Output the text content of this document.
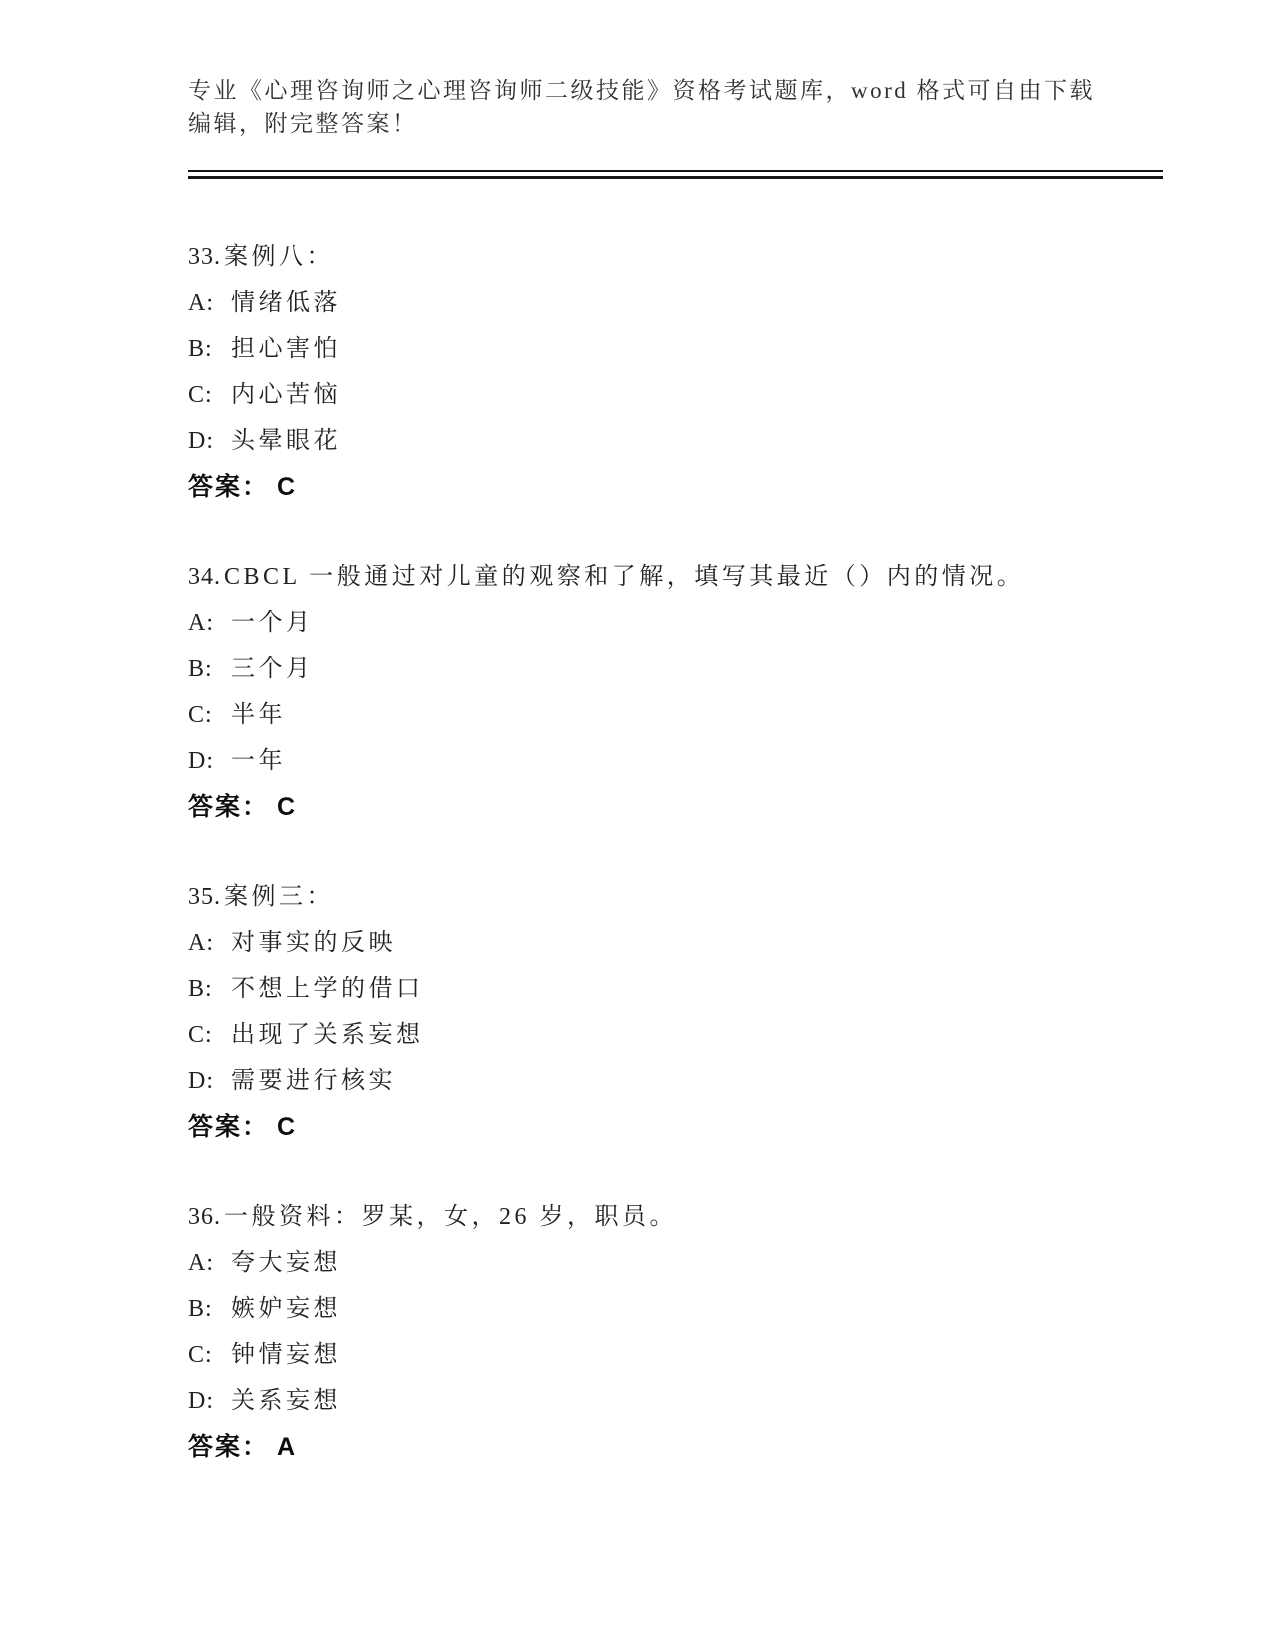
专业《心理咨询师之心理咨询师二级技能》资格考试题库，word 格式可自由下载
编辑，附完整答案！
33. 案例八：
A: 情绪低落
B: 担心害怕
C: 内心苦恼
D: 头晕眼花
答案： C
34. CBCL 一般通过对儿童的观察和了解，填写其最近（）内的情况。
A: 一个月
B: 三个月
C: 半年
D: 一年
答案： C
35. 案例三：
A: 对事实的反映
B: 不想上学的借口
C: 出现了关系妄想
D: 需要进行核实
答案： C
36. 一般资料：罗某，女，26 岁，职员。
A: 夸大妄想
B: 嫉妒妄想
C: 钟情妄想
D: 关系妄想
答案： A
